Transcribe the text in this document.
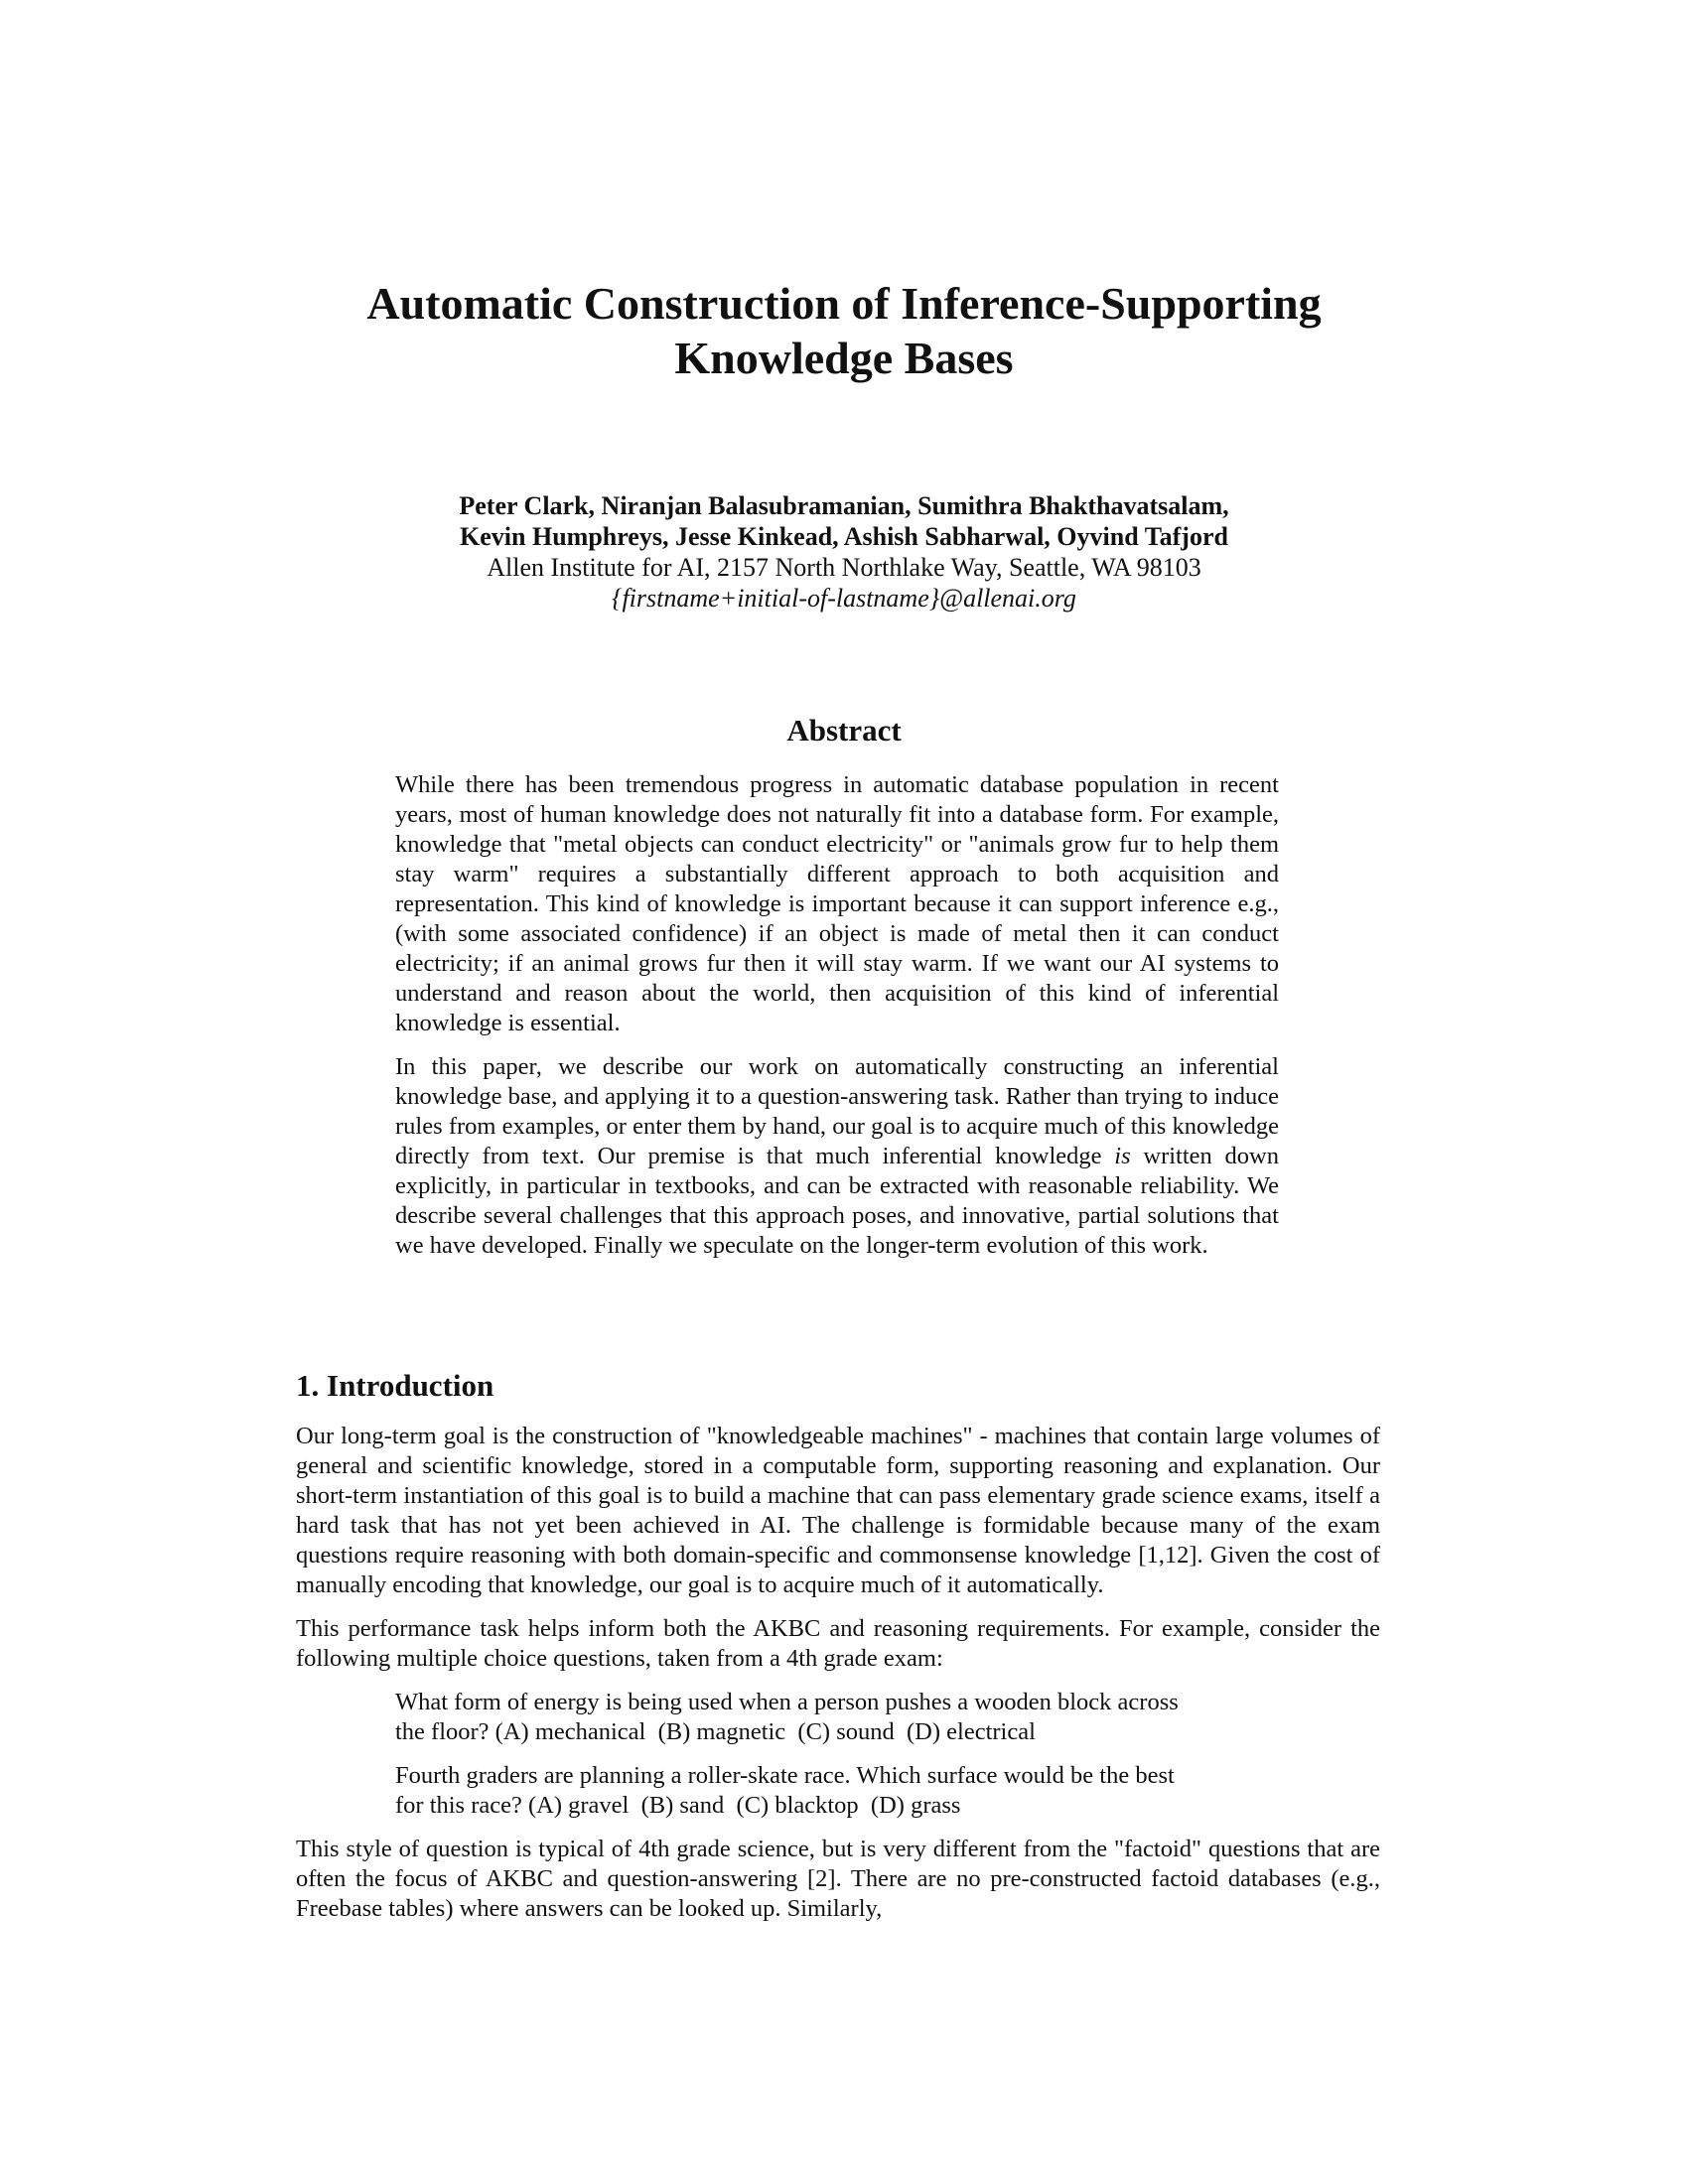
Automatic Construction of Inference-Supporting
Knowledge Bases
Peter Clark, Niranjan Balasubramanian, Sumithra Bhakthavatsalam,
Kevin Humphreys, Jesse Kinkead, Ashish Sabharwal, Oyvind Tafjord
Allen Institute for AI, 2157 North Northlake Way, Seattle, WA 98103
{firstname+initial-of-lastname}@allenai.org
Abstract

While there has been tremendous progress in automatic database population in recent years, most of human knowledge does not naturally fit into a database form. For example, knowledge that "metal objects can conduct electricity" or "animals grow fur to help them stay warm" requires a substantially different approach to both acquisition and representation. This kind of knowledge is important because it can support inference e.g., (with some associated confidence) if an object is made of metal then it can conduct electricity; if an animal grows fur then it will stay warm. If we want our AI systems to understand and reason about the world, then acquisition of this kind of inferential knowledge is essential.

In this paper, we describe our work on automatically constructing an inferential knowledge base, and applying it to a question-answering task. Rather than trying to induce rules from examples, or enter them by hand, our goal is to acquire much of this knowledge directly from text. Our premise is that much inferential knowledge is written down explicitly, in particular in textbooks, and can be extracted with reasonable reliability. We describe several challenges that this approach poses, and innovative, partial solutions that we have developed. Finally we speculate on the longer-term evolution of this work.

1. Introduction

Our long-term goal is the construction of "knowledgeable machines" - machines that contain large volumes of general and scientific knowledge, stored in a computable form, supporting reasoning and explanation. Our short-term instantiation of this goal is to build a machine that can pass elementary grade science exams, itself a hard task that has not yet been achieved in AI. The challenge is formidable because many of the exam questions require reasoning with both domain-specific and commonsense knowledge [1,12]. Given the cost of manually encoding that knowledge, our goal is to acquire much of it automatically.

This performance task helps inform both the AKBC and reasoning requirements. For example, consider the following multiple choice questions, taken from a 4th grade exam:

What form of energy is being used when a person pushes a wooden block across
the floor? (A) mechanical  (B) magnetic  (C) sound  (D) electrical
Fourth graders are planning a roller-skate race. Which surface would be the best
for this race? (A) gravel  (B) sand  (C) blacktop  (D) grass

This style of question is typical of 4th grade science, but is very different from the "factoid" questions that are often the focus of AKBC and question-answering [2]. There are no pre-constructed factoid databases (e.g., Freebase tables) where answers can be looked up. Similarly,
